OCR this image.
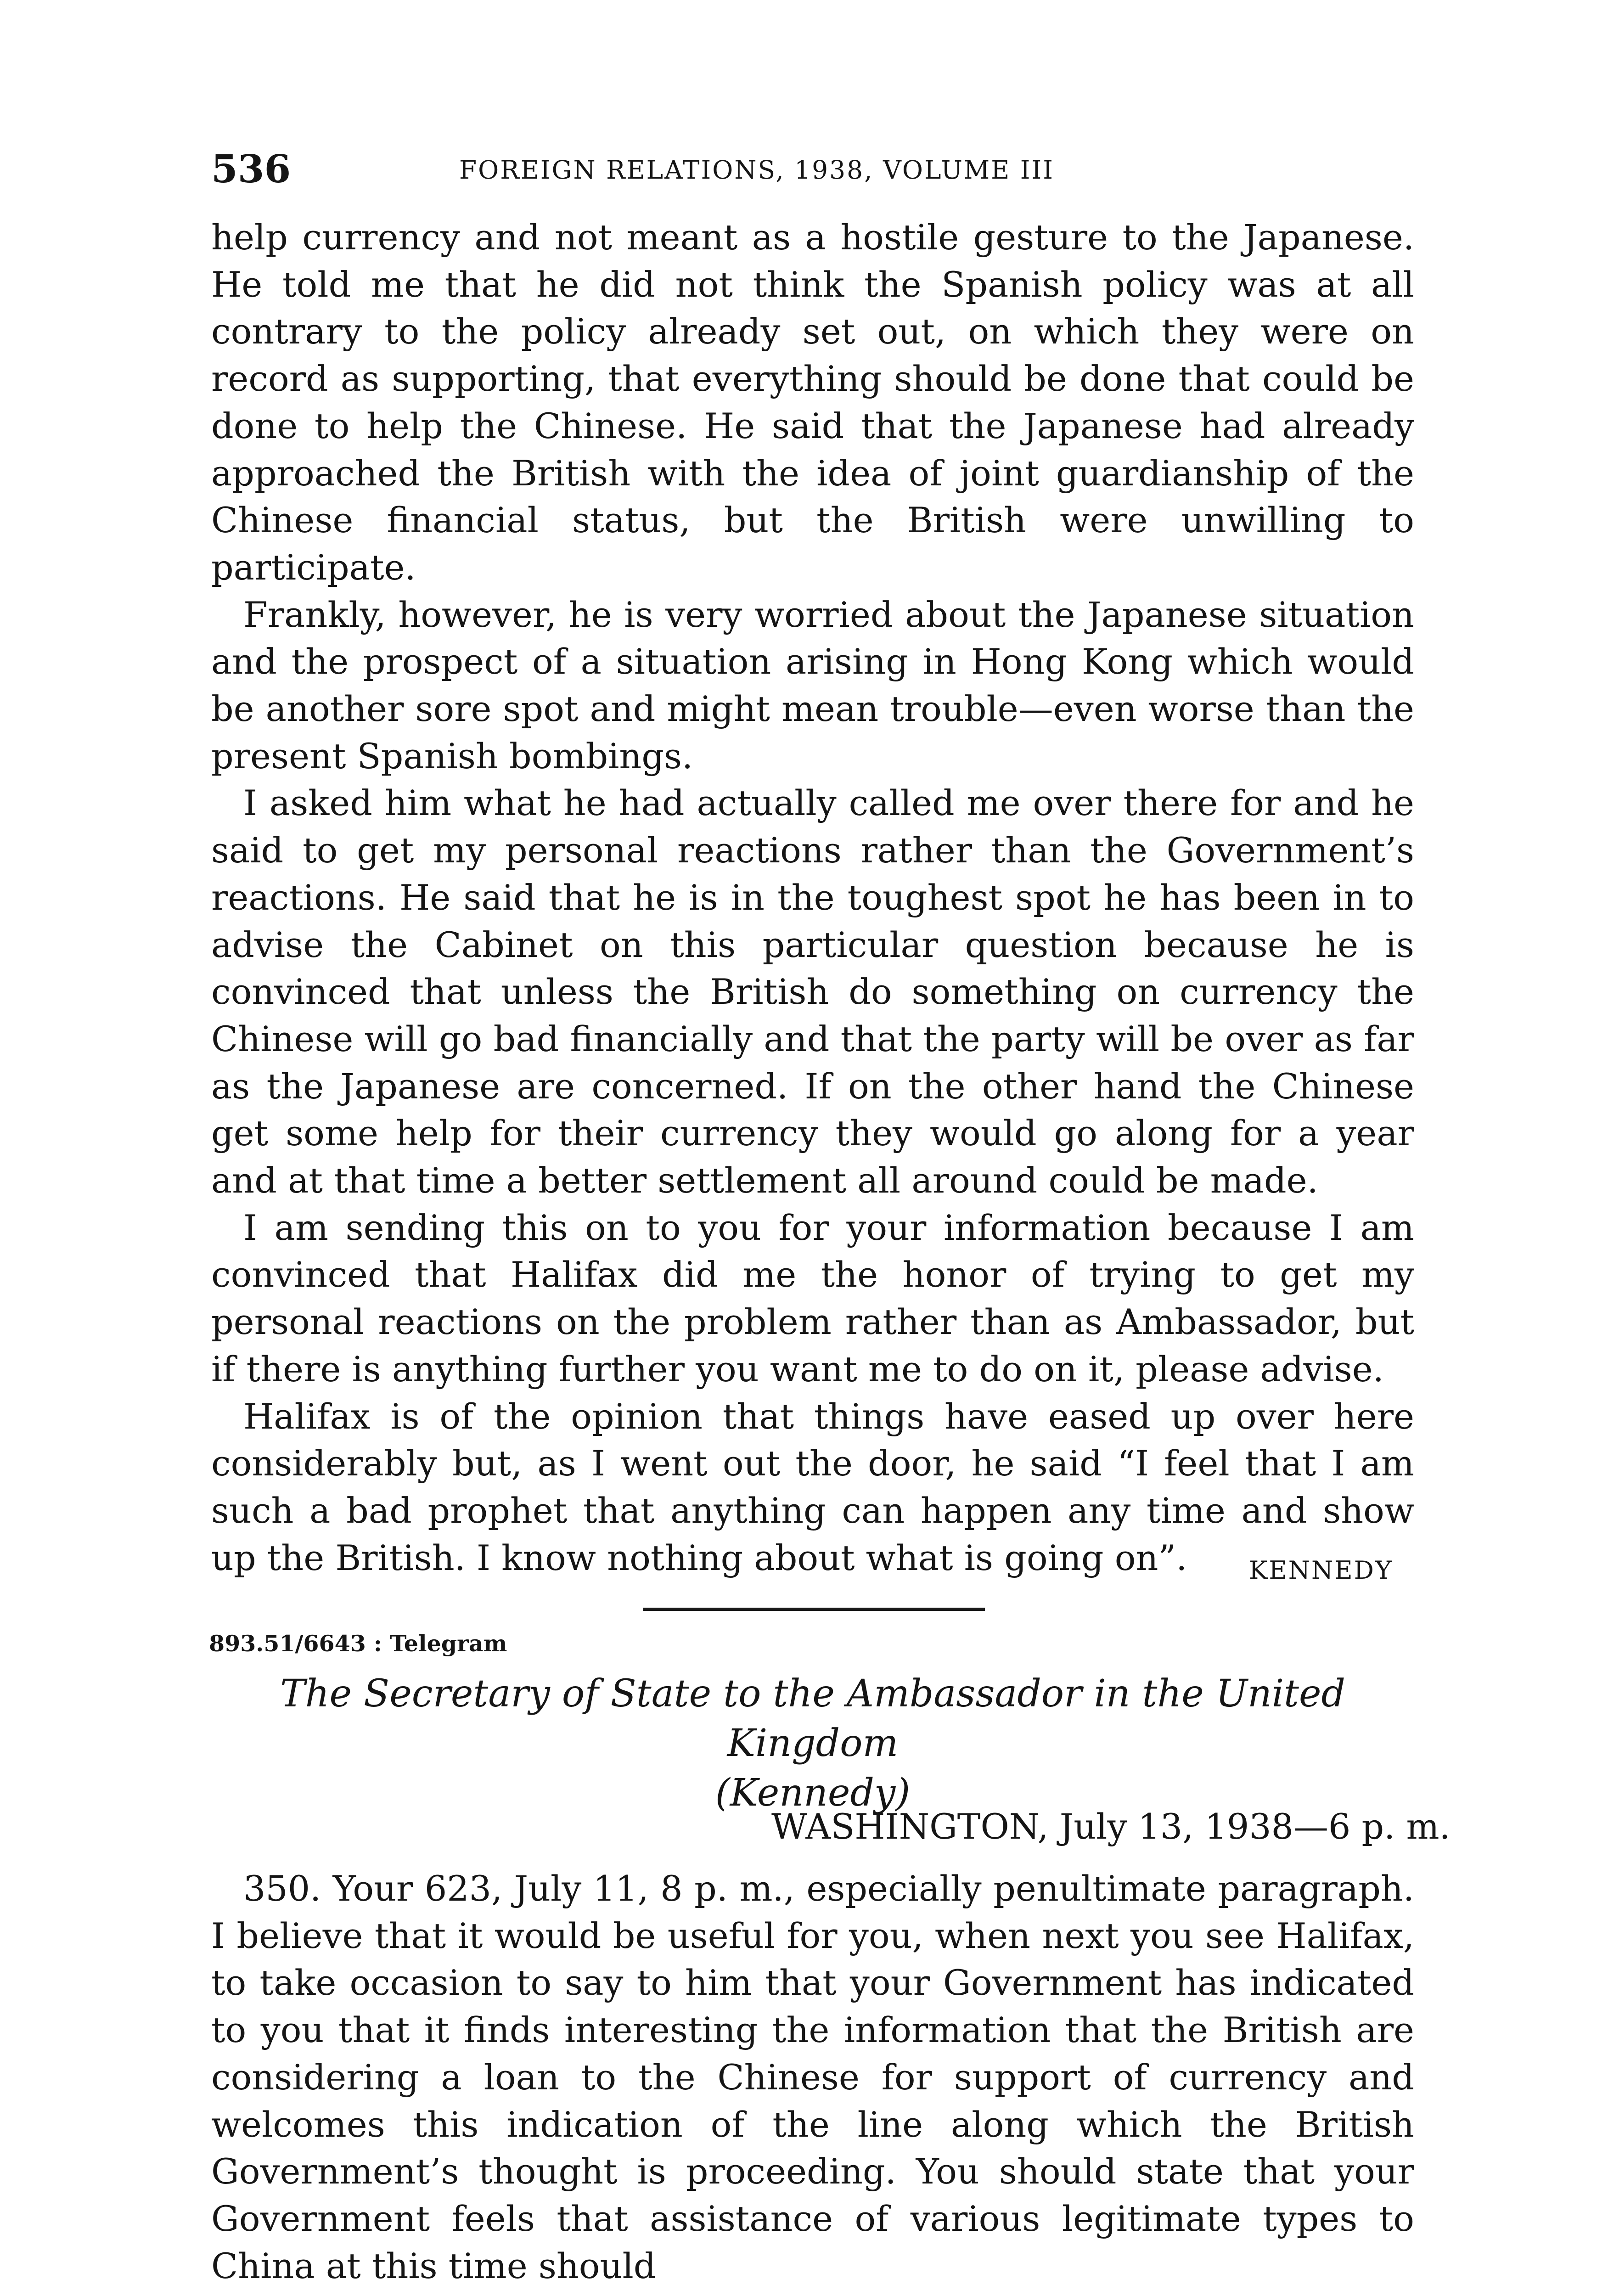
536	FOREIGN RELATIONS, 1938, VOLUME III

help currency and not meant as a hostile gesture to the Japanese. He told me that he did not think the Spanish policy was at all contrary to the policy already set out, on which they were on record as supporting, that everything should be done that could be done to help the Chinese. He said that the Japanese had already approached the British with the idea of joint guardianship of the Chinese financial status, but the British were unwilling to participate.

Frankly, however, he is very worried about the Japanese situation and the prospect of a situation arising in Hong Kong which would be another sore spot and might mean trouble—even worse than the present Spanish bombings.

I asked him what he had actually called me over there for and he said to get my personal reactions rather than the Government’s reactions. He said that he is in the toughest spot he has been in to advise the Cabinet on this particular question because he is convinced that unless the British do something on currency the Chinese will go bad financially and that the party will be over as far as the Japanese are concerned. If on the other hand the Chinese get some help for their currency they would go along for a year and at that time a better settlement all around could be made.

I am sending this on to you for your information because I am convinced that Halifax did me the honor of trying to get my personal reactions on the problem rather than as Ambassador, but if there is anything further you want me to do on it, please advise.

Halifax is of the opinion that things have eased up over here considerably but, as I went out the door, he said “I feel that I am such a bad prophet that anything can happen any time and show up the British. I know nothing about what is going on”.	KENNEDY
893.51/6643 : Telegram
The Secretary of State to the Ambassador in the United Kingdom
(Kennedy)
WASHINGTON, July 13, 1938—6 p. m.

350. Your 623, July 11, 8 p. m., especially penultimate paragraph. I believe that it would be useful for you, when next you see Halifax, to take occasion to say to him that your Government has indicated to you that it finds interesting the information that the British are considering a loan to the Chinese for support of currency and welcomes this indication of the line along which the British Government’s thought is proceeding. You should state that your Government feels that assistance of various legitimate types to China at this time should
